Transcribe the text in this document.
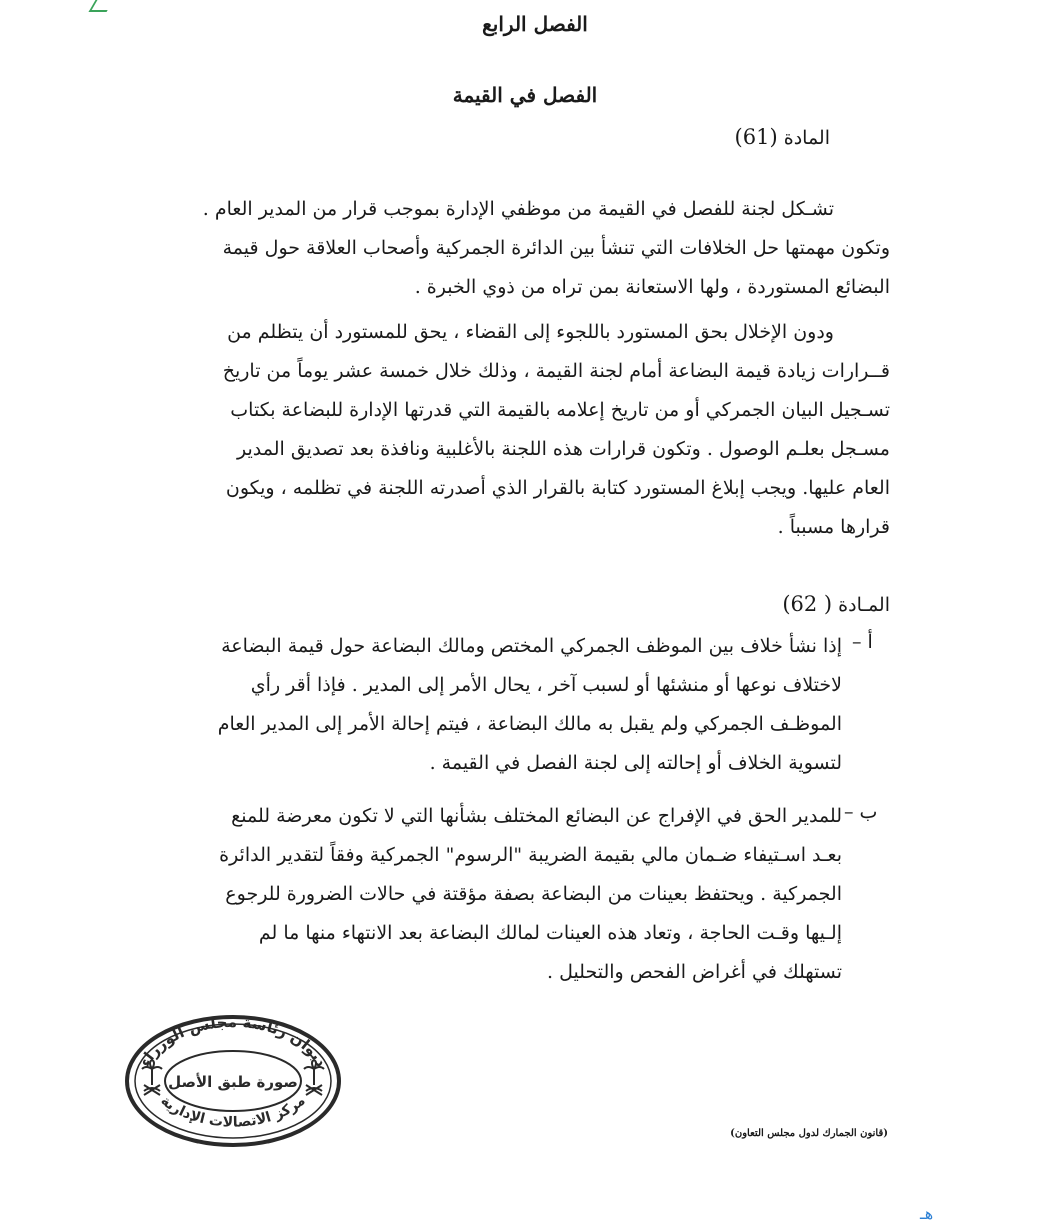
الفصل الرابع
الفصل في القيمة
المادة (61)
تشـكل لجنة للفصل في القيمة من موظفي الإدارة بموجب قرار من المدير العام .
وتكون مهمتها حل الخلافات التي تنشأ بين الدائرة الجمركية وأصحاب العلاقة حول قيمة
البضائع المستوردة ، ولها الاستعانة بمن تراه من ذوي الخبرة .
ودون الإخلال بحق المستورد باللجوء إلى القضاء ، يحق للمستورد أن يتظلم من
قــرارات زيادة قيمة البضاعة أمام لجنة القيمة ، وذلك خلال خمسة عشر يوماً من تاريخ
تسـجيل البيان الجمركي أو من تاريخ إعلامه بالقيمة التي قدرتها الإدارة للبضاعة بكتاب
مسـجل بعلـم الوصول . وتكون قرارات هذه اللجنة بالأغلبية ونافذة بعد تصديق المدير
العام عليها. ويجب إبلاغ المستورد كتابة بالقرار الذي أصدرته اللجنة في تظلمه ، ويكون
قرارها مسبباً .
المـادة ( 62)
أ –
إذا نشأ خلاف بين الموظف الجمركي المختص ومالك البضاعة حول قيمة البضاعة
لاختلاف نوعها أو منشئها أو لسبب آخر ، يحال الأمر إلى المدير . فإذا أقر رأي
الموظـف الجمركي ولم يقبل به مالك البضاعة ، فيتم إحالة الأمر إلى المدير العام
لتسوية الخلاف أو إحالته إلى لجنة الفصل في القيمة .
ب –
للمدير الحق في الإفراج عن البضائع المختلف بشأنها التي لا تكون معرضة للمنع
بعـد اسـتيفاء ضـمان مالي بقيمة الضريبة "الرسوم" الجمركية وفقاً لتقدير الدائرة
الجمركية . ويحتفظ بعينات من البضاعة بصفة مؤقتة في حالات الضرورة للرجوع
إلـيها وقـت الحاجة ، وتعاد هذه العينات لمالك البضاعة بعد الانتهاء منها ما لم
تستهلك في أغراض الفحص والتحليل .
ديوان رئاسة مجلس الوزراء
مركز الاتصالات الإدارية
صورة طبق الأصل
(قانون الجمارك لدول مجلس التعاون)
هـ
